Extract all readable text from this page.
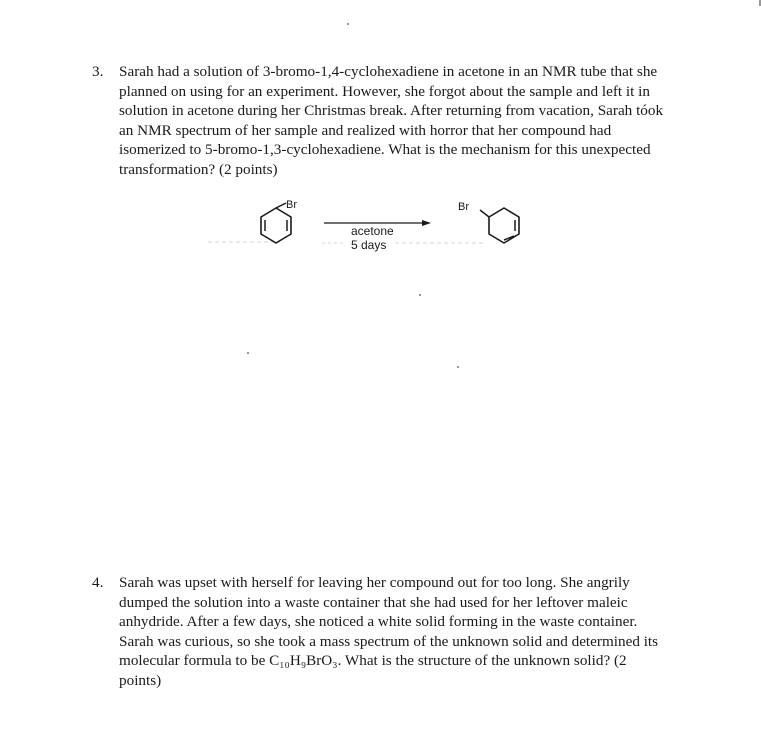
3. Sarah had a solution of 3-bromo-1,4-cyclohexadiene in acetone in an NMR tube that she
planned on using for an experiment. However, she forgot about the sample and left it in
solution in acetone during her Christmas break. After returning from vacation, Sarah tóok
an NMR spectrum of her sample and realized with horror that her compound had
isomerized to 5-bromo-1,3-cyclohexadiene. What is the mechanism for this unexpected
transformation? (2 points)
Br
acetone
5 days
Br
4. Sarah was upset with herself for leaving her compound out for too long. She angrily
dumped the solution into a waste container that she had used for her leftover maleic
anhydride. After a few days, she noticed a white solid forming in the waste container.
Sarah was curious, so she took a mass spectrum of the unknown solid and determined its
molecular formula to be C₁₀H₉BrO₃. What is the structure of the unknown solid? (2
points)
